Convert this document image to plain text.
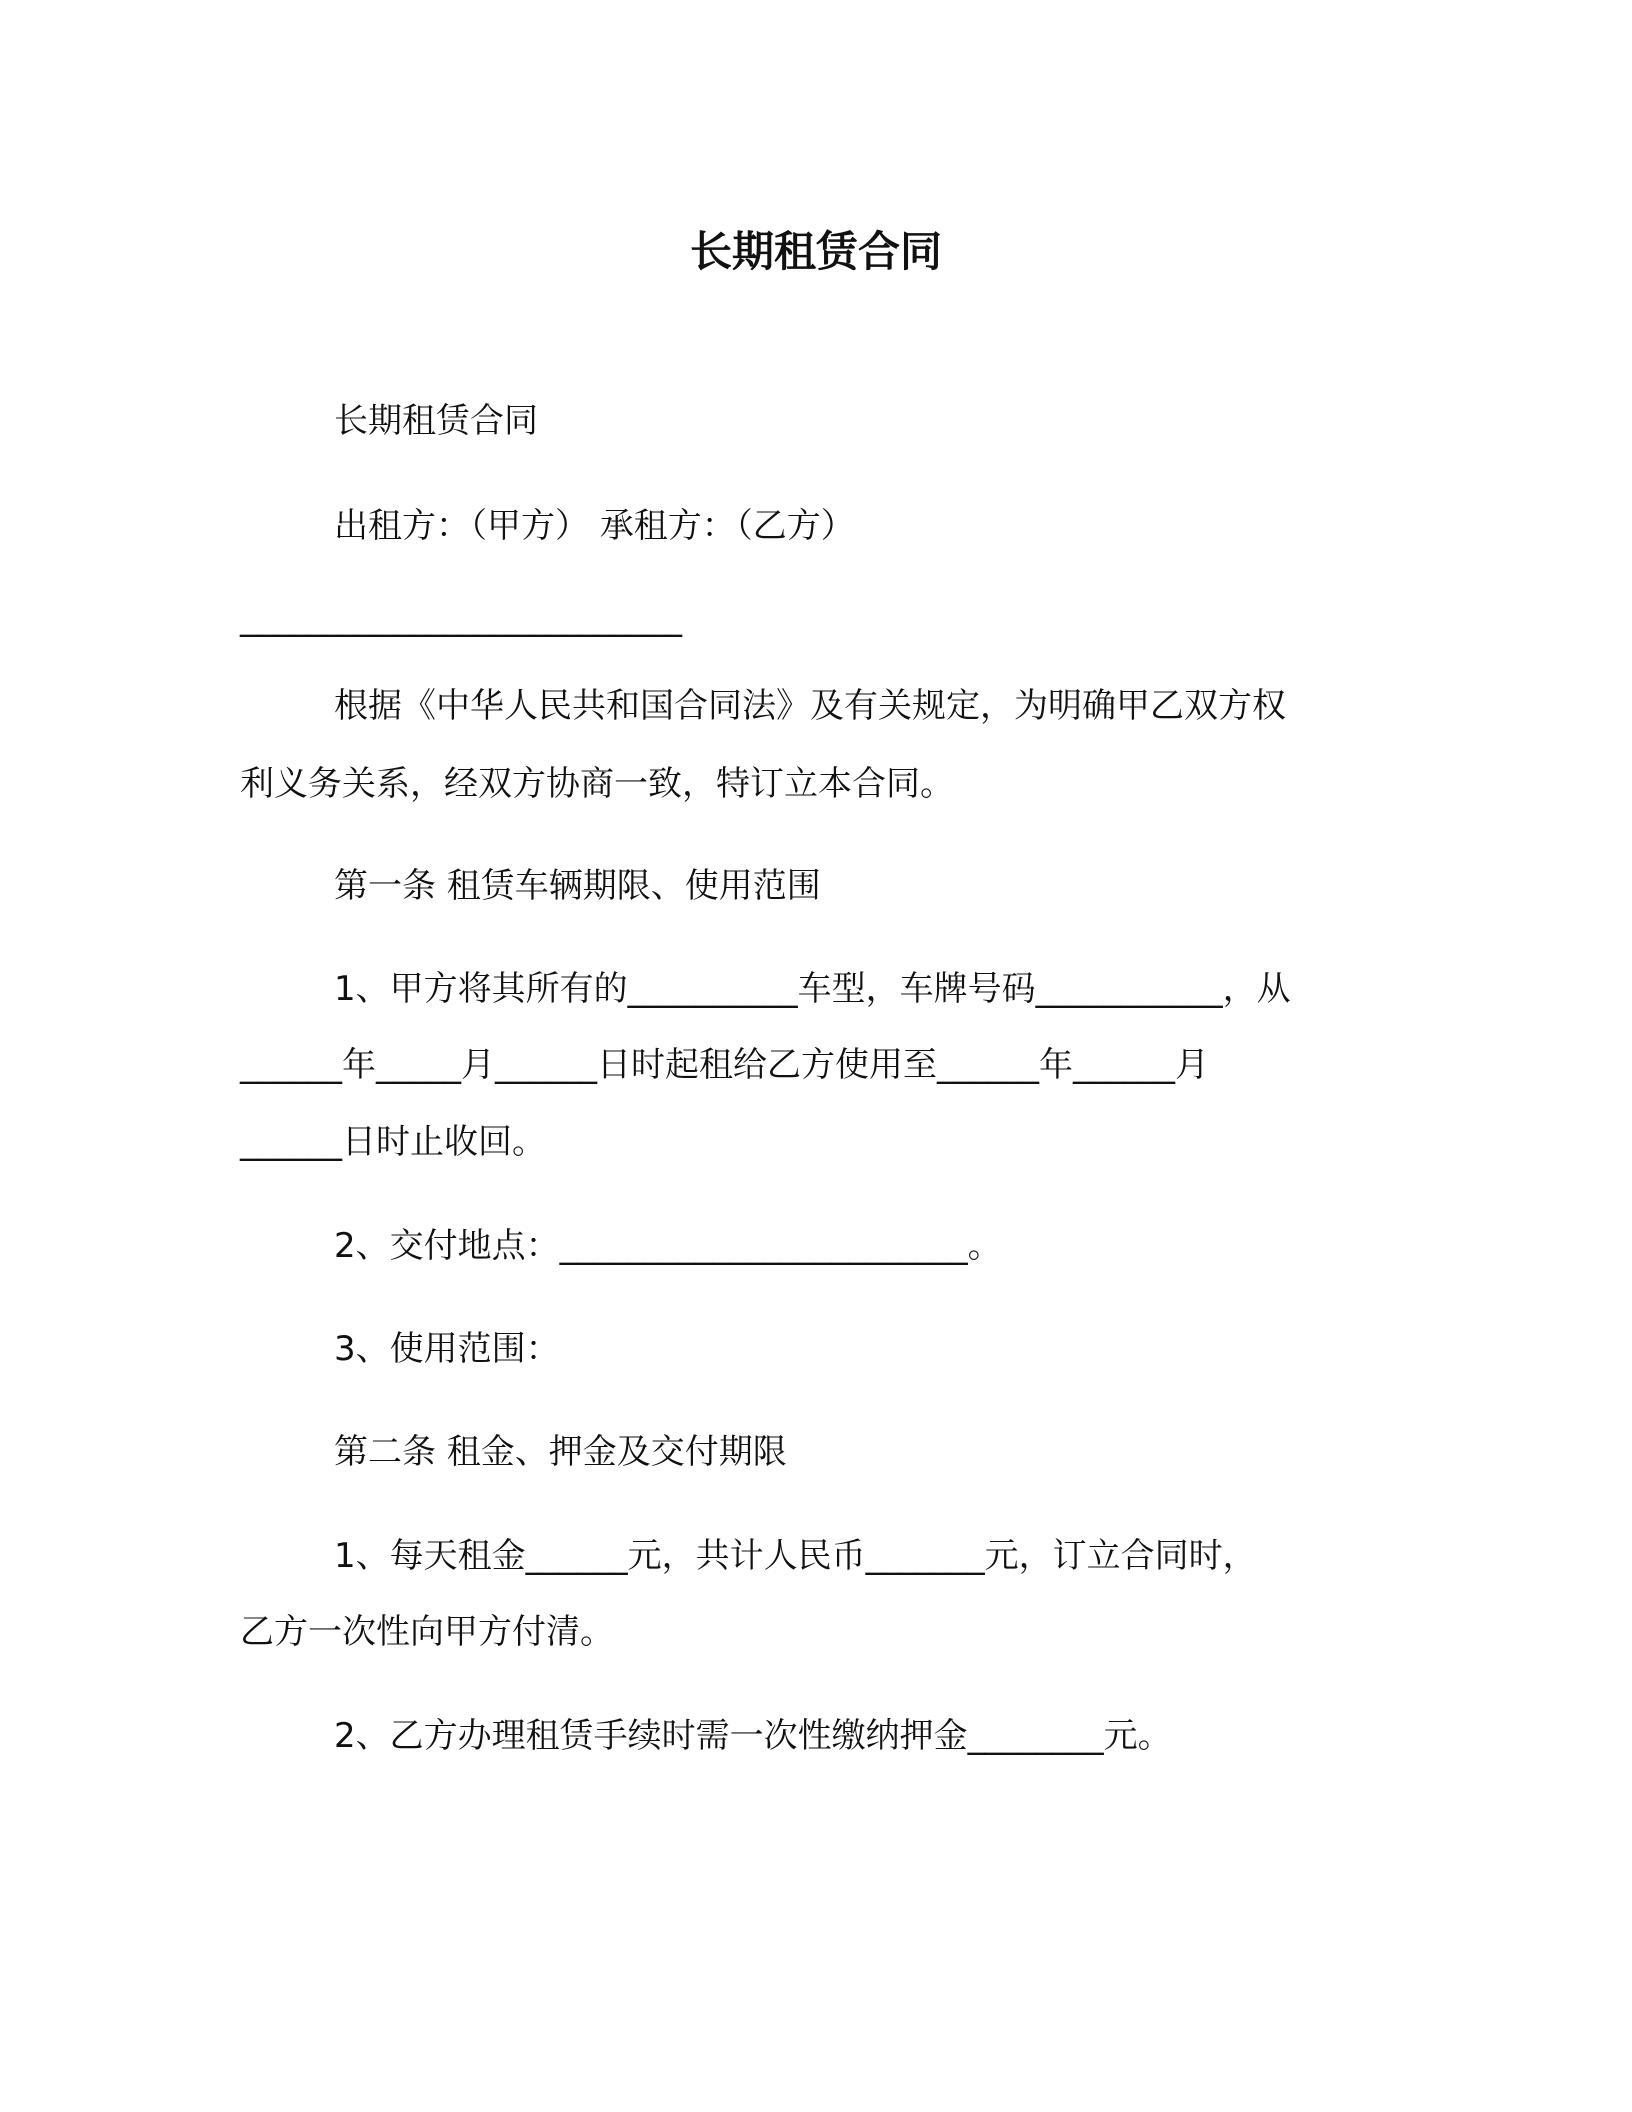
长期租赁合同

长期租赁合同

出租方：（甲方） 承租方：（乙方）

__________________________

根据《中华人民共和国合同法》及有关规定，为明确甲乙双方权

利义务关系，经双方协商一致，特订立本合同。

第一条 租赁车辆期限、使用范围

1、甲方将其所有的__________车型，车牌号码___________，从

______年_____月______日时起租给乙方使用至______年______月

______日时止收回。

2、交付地点：________________________。

3、使用范围：

第二条 租金、押金及交付期限

1、每天租金______元，共计人民币_______元，订立合同时，

乙方一次性向甲方付清。

2、乙方办理租赁手续时需一次性缴纳押金________元。
